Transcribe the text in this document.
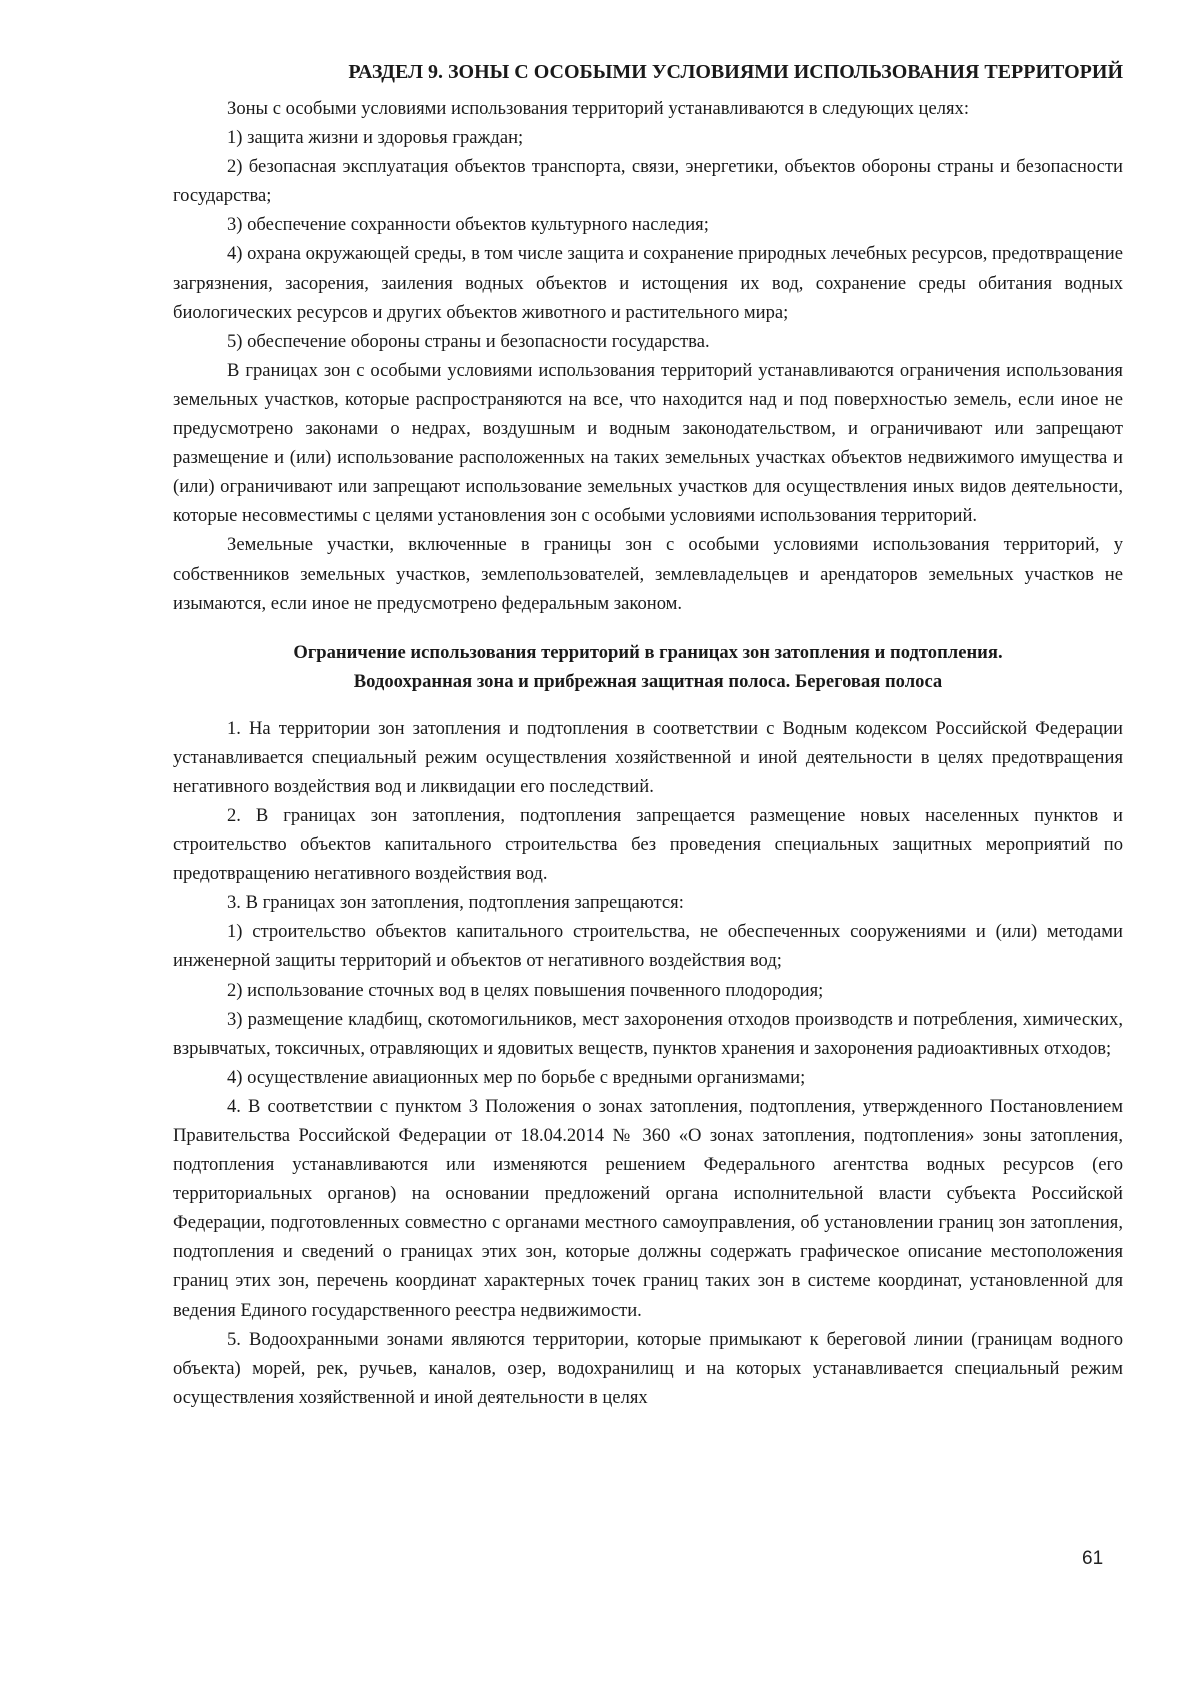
РАЗДЕЛ 9. ЗОНЫ С ОСОБЫМИ УСЛОВИЯМИ ИСПОЛЬЗОВАНИЯ ТЕРРИТОРИЙ

Зоны с особыми условиями использования территорий устанавливаются в следующих целях:

1) защита жизни и здоровья граждан;

2) безопасная эксплуатация объектов транспорта, связи, энергетики, объектов обороны страны и безопасности государства;

3) обеспечение сохранности объектов культурного наследия;

4) охрана окружающей среды, в том числе защита и сохранение природных лечебных ресурсов, предотвращение загрязнения, засорения, заиления водных объектов и истощения их вод, сохранение среды обитания водных биологических ресурсов и других объектов животного и растительного мира;

5) обеспечение обороны страны и безопасности государства.

В границах зон с особыми условиями использования территорий устанавливаются ограничения использования земельных участков, которые распространяются на все, что находится над и под поверхностью земель, если иное не предусмотрено законами о недрах, воздушным и водным законодательством, и ограничивают или запрещают размещение и (или) использование расположенных на таких земельных участках объектов недвижимого имущества и (или) ограничивают или запрещают использование земельных участков для осуществления иных видов деятельности, которые несовместимы с целями установления зон с особыми условиями использования территорий.

Земельные участки, включенные в границы зон с особыми условиями использования территорий, у собственников земельных участков, землепользователей, землевладельцев и арендаторов земельных участков не изымаются, если иное не предусмотрено федеральным законом.

Ограничение использования территорий в границах зон затопления и подтопления.
Водоохранная зона и прибрежная защитная полоса. Береговая полоса

1. На территории зон затопления и подтопления в соответствии с Водным кодексом Российской Федерации устанавливается специальный режим осуществления хозяйственной и иной деятельности в целях предотвращения негативного воздействия вод и ликвидации его последствий.

2. В границах зон затопления, подтопления запрещается размещение новых населенных пунктов и строительство объектов капитального строительства без проведения специальных защитных мероприятий по предотвращению негативного воздействия вод.

3. В границах зон затопления, подтопления запрещаются:

1) строительство объектов капитального строительства, не обеспеченных сооружениями и (или) методами инженерной защиты территорий и объектов от негативного воздействия вод;

2) использование сточных вод в целях повышения почвенного плодородия;

3) размещение кладбищ, скотомогильников, мест захоронения отходов производств и потребления, химических, взрывчатых, токсичных, отравляющих и ядовитых веществ, пунктов хранения и захоронения радиоактивных отходов;

4) осуществление авиационных мер по борьбе с вредными организмами;

4. В соответствии с пунктом 3 Положения о зонах затопления, подтопления, утвержденного Постановлением Правительства Российской Федерации от 18.04.2014 № 360 «О зонах затопления, подтопления» зоны затопления, подтопления устанавливаются или изменяются решением Федерального агентства водных ресурсов (его территориальных органов) на основании предложений органа исполнительной власти субъекта Российской Федерации, подготовленных совместно с органами местного самоуправления, об установлении границ зон затопления, подтопления и сведений о границах этих зон, которые должны содержать графическое описание местоположения границ этих зон, перечень координат характерных точек границ таких зон в системе координат, установленной для ведения Единого государственного реестра недвижимости.

5. Водоохранными зонами являются территории, которые примыкают к береговой линии (границам водного объекта) морей, рек, ручьев, каналов, озер, водохранилищ и на которых устанавливается специальный режим осуществления хозяйственной и иной деятельности в целях

61
